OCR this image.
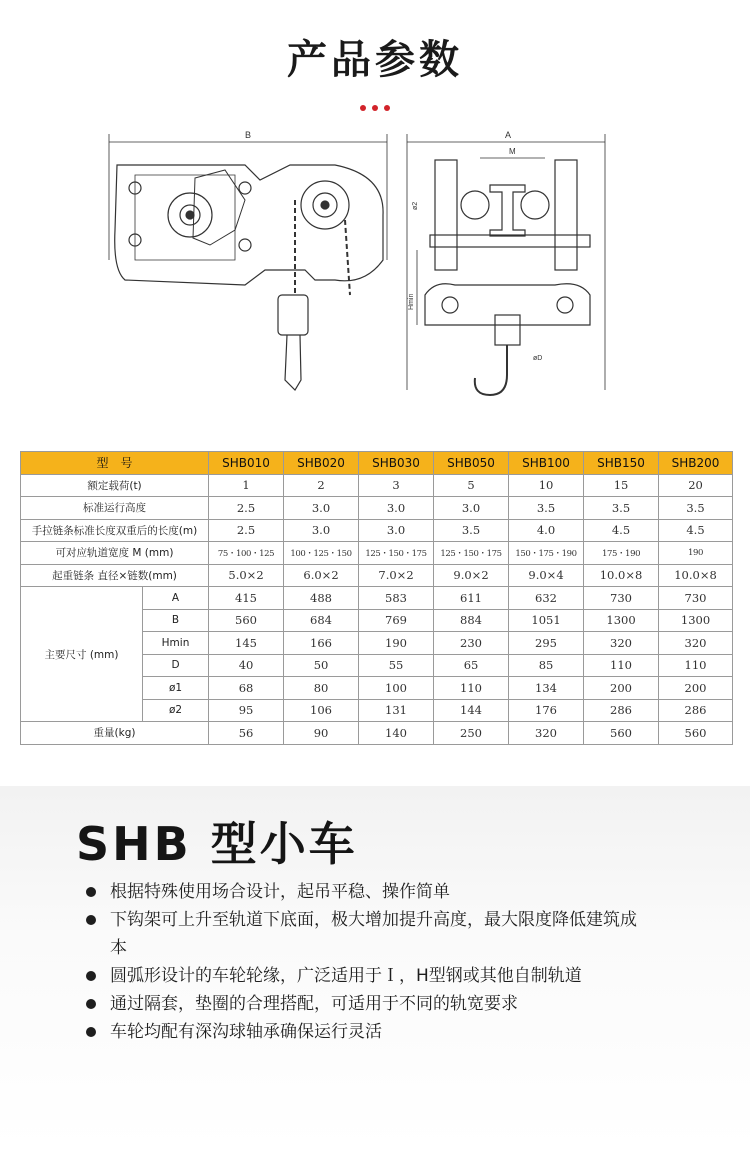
产品参数
B	A
M
ø2
Hmin
øD
型　号		SHB010	SHB020	SHB030	SHB050	SHB100	SHB150	SHB200
额定载荷(t)		1	2	3	5	10	15	20
标准运行高度		2.5	3.0	3.0	3.0	3.5	3.5	3.5
手拉链条标准长度双重后的长度(m)		2.5	3.0	3.0	3.5	4.0	4.5	4.5
可对应轨道宽度 M (mm)		75・100・125	100・125・150	125・150・175	125・150・175	150・175・190	175・190	190
起重链条 直径×链数(mm)		5.0×2	6.0×2	7.0×2	9.0×2	9.0×4	10.0×8	10.0×8
主要尺寸 (mm)	A	415	488	583	611	632	730	730
	B	560	684	769	884	1051	1300	1300
	Hmin	145	166	190	230	295	320	320
	D	40	50	55	65	85	110	110
	ø1	68	80	100	110	134	200	200
	ø2	95	106	131	144	176	286	286
重量(kg)		56	90	140	250	320	560	560
SHB 型小车
根据特殊使用场合设计，起吊平稳、操作简单
下钩架可上升至轨道下底面，极大增加提升高度，最大限度降低建筑成本
圆弧形设计的车轮轮缘，广泛适用于Ｉ，H型钢或其他自制轨道
通过隔套，垫圈的合理搭配，可适用于不同的轨宽要求
车轮均配有深沟球轴承确保运行灵活
